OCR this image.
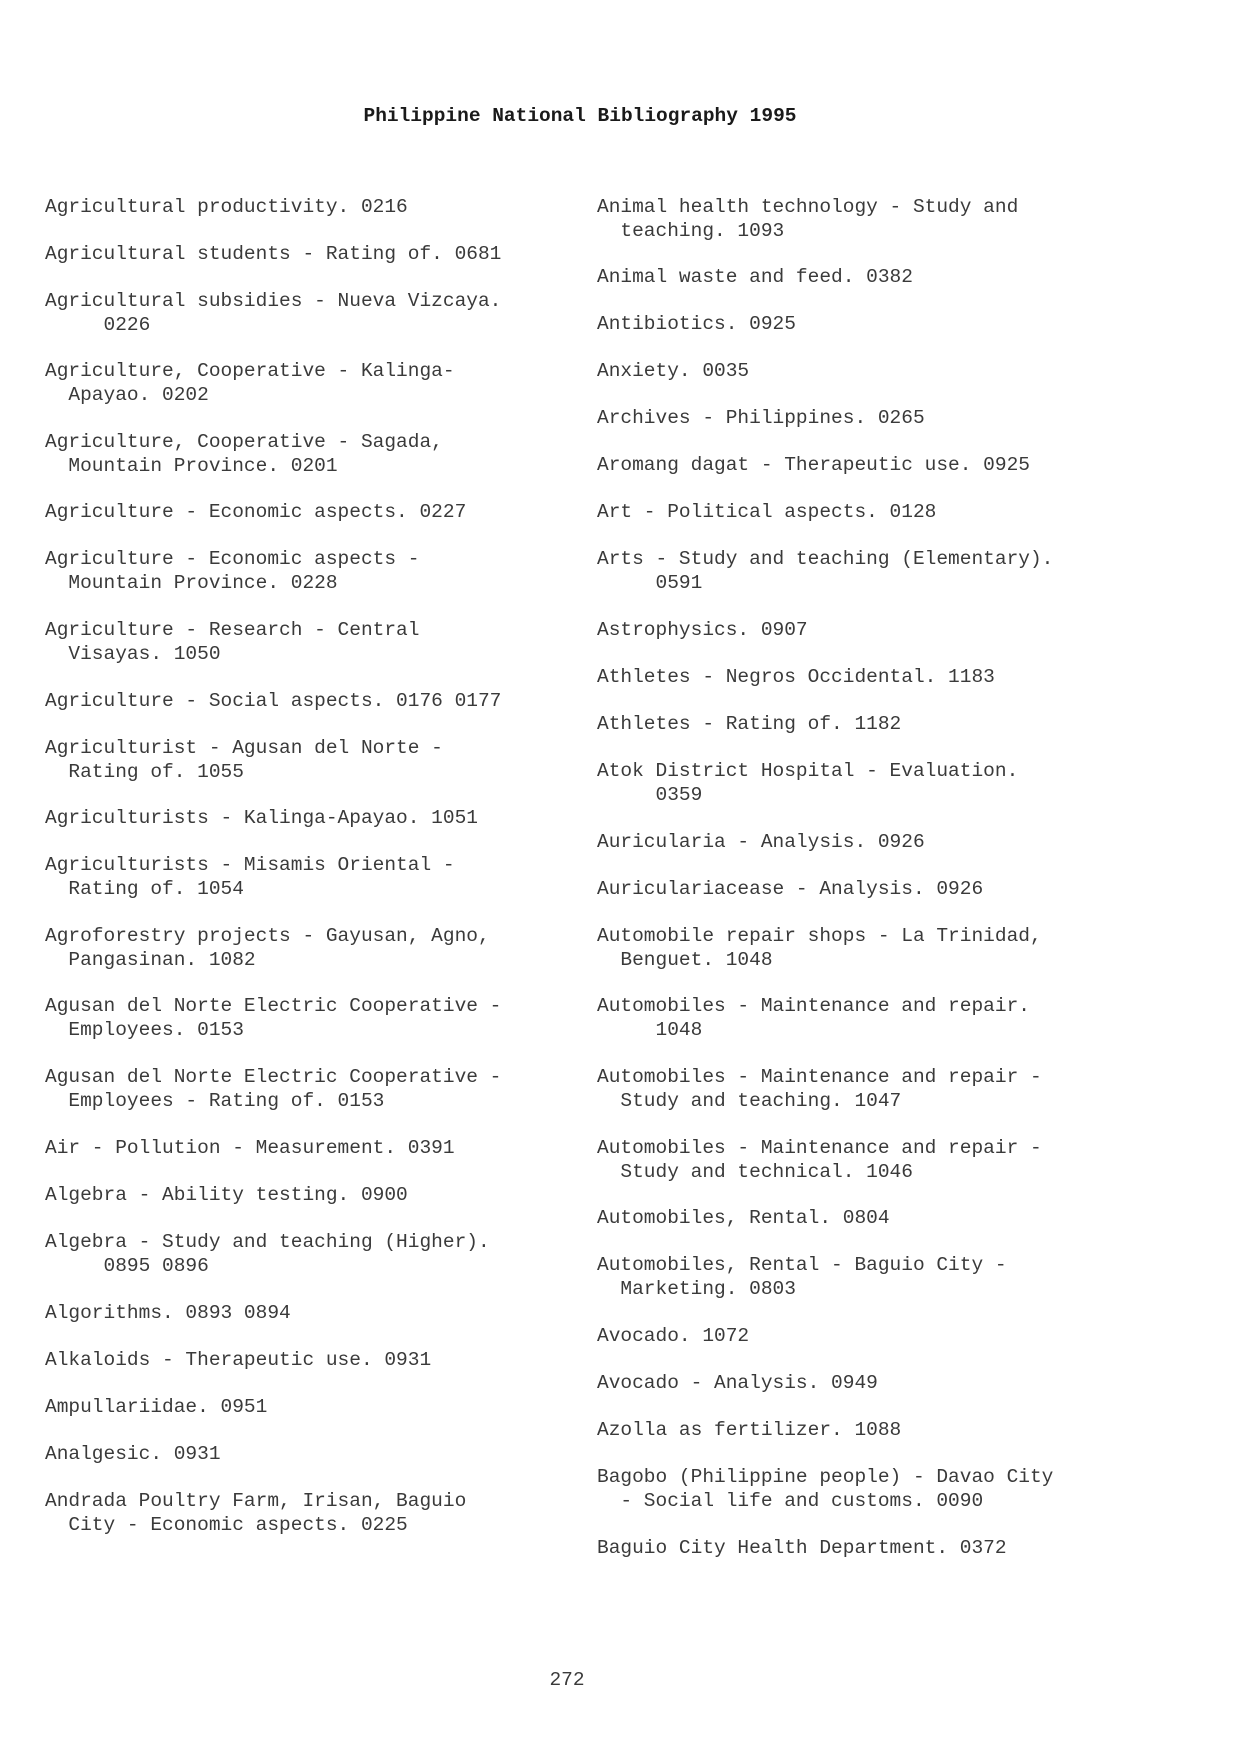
Philippine National Bibliography 1995
Agricultural productivity. 0216
Agricultural students - Rating of. 0681
Agricultural subsidies - Nueva Vizcaya.
0226
Agriculture, Cooperative - Kalinga-
Apayao. 0202
Agriculture, Cooperative - Sagada,
Mountain Province. 0201
Agriculture - Economic aspects. 0227
Agriculture - Economic aspects -
Mountain Province. 0228
Agriculture - Research - Central
Visayas. 1050
Agriculture - Social aspects. 0176 0177
Agriculturist - Agusan del Norte -
Rating of. 1055
Agriculturists - Kalinga-Apayao. 1051
Agriculturists - Misamis Oriental -
Rating of. 1054
Agroforestry projects - Gayusan, Agno,
Pangasinan. 1082
Agusan del Norte Electric Cooperative -
Employees. 0153
Agusan del Norte Electric Cooperative -
Employees - Rating of. 0153
Air - Pollution - Measurement. 0391
Algebra - Ability testing. 0900
Algebra - Study and teaching (Higher).
0895 0896
Algorithms. 0893 0894
Alkaloids - Therapeutic use. 0931
Ampullariidae. 0951
Analgesic. 0931
Andrada Poultry Farm, Irisan, Baguio
City - Economic aspects. 0225
Animal health technology - Study and
teaching. 1093
Animal waste and feed. 0382
Antibiotics. 0925
Anxiety. 0035
Archives - Philippines. 0265
Aromang dagat - Therapeutic use. 0925
Art - Political aspects. 0128
Arts - Study and teaching (Elementary).
0591
Astrophysics. 0907
Athletes - Negros Occidental. 1183
Athletes - Rating of. 1182
Atok District Hospital - Evaluation.
0359
Auricularia - Analysis. 0926
Auriculariacease - Analysis. 0926
Automobile repair shops - La Trinidad,
Benguet. 1048
Automobiles - Maintenance and repair.
1048
Automobiles - Maintenance and repair -
Study and teaching. 1047
Automobiles - Maintenance and repair -
Study and technical. 1046
Automobiles, Rental. 0804
Automobiles, Rental - Baguio City -
Marketing. 0803
Avocado. 1072
Avocado - Analysis. 0949
Azolla as fertilizer. 1088
Bagobo (Philippine people) - Davao City
- Social life and customs. 0090
Baguio City Health Department. 0372
272
